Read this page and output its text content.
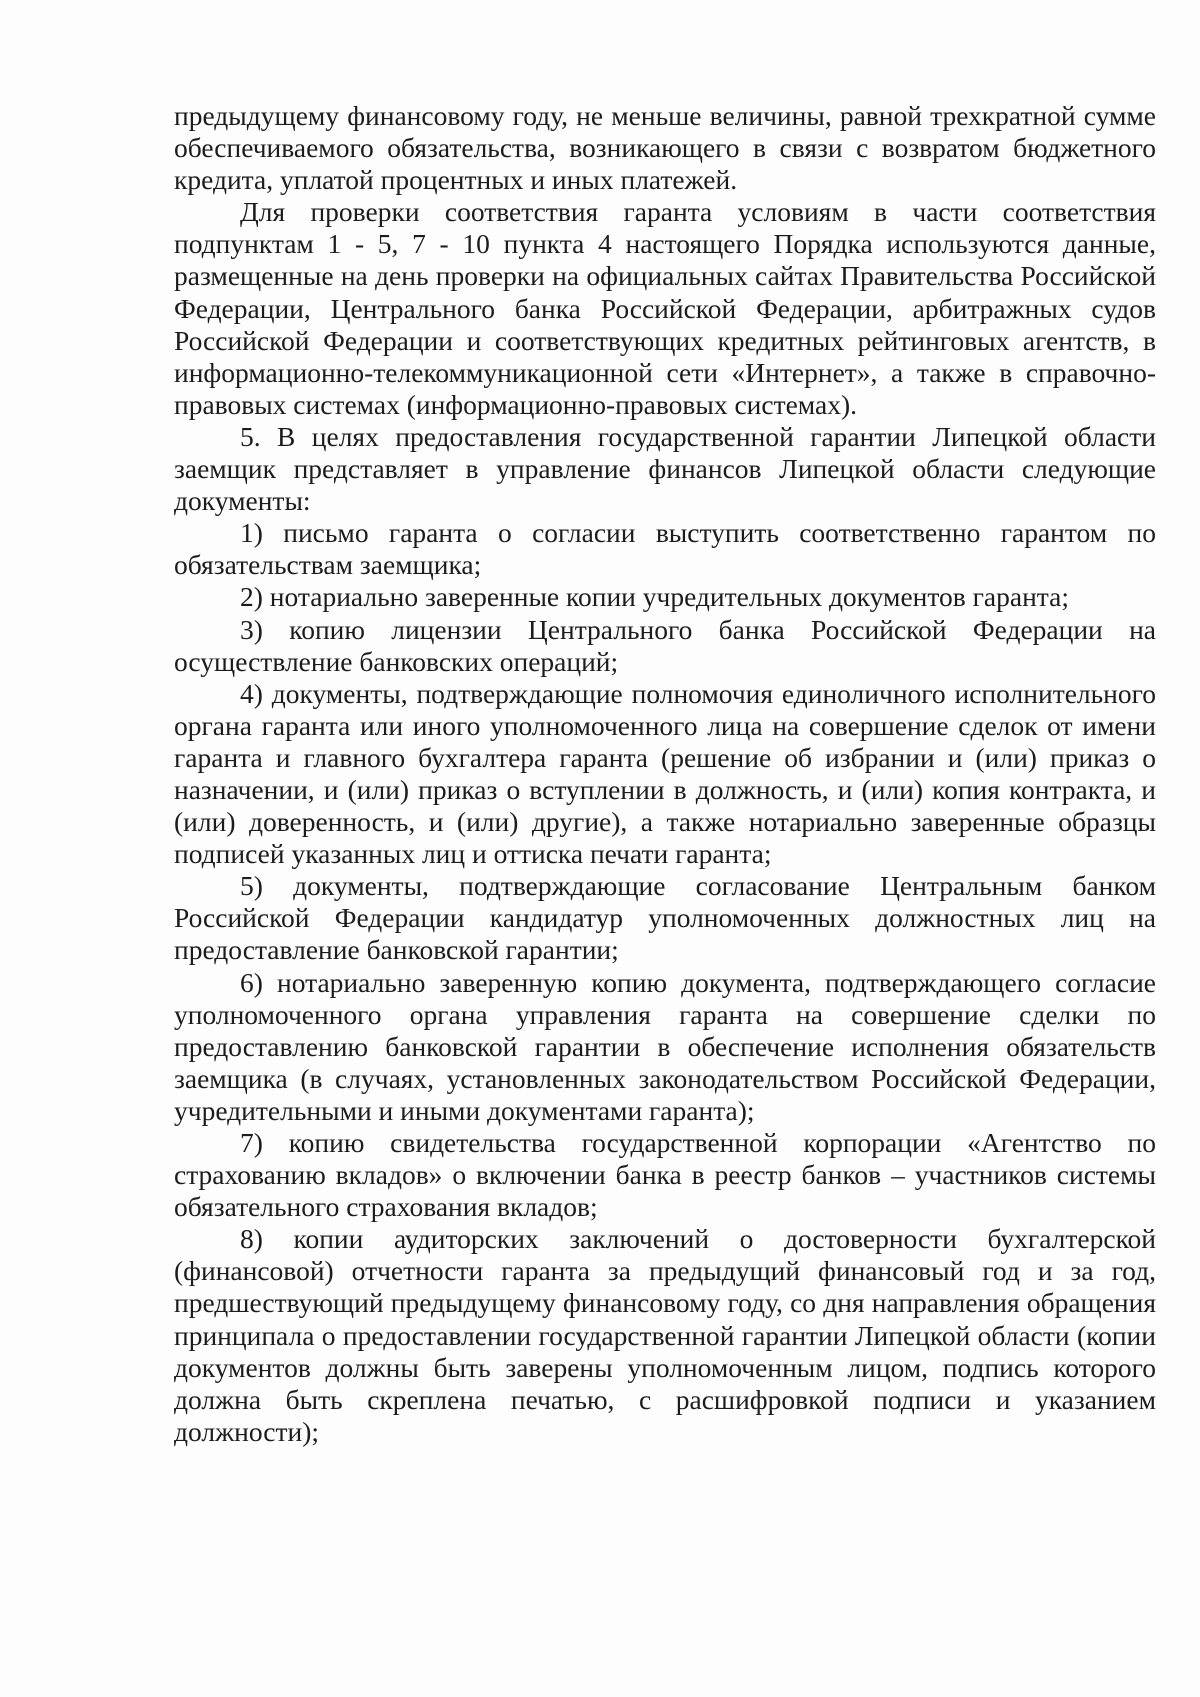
предыдущему финансовому году, не меньше величины, равной трехкратной сумме обеспечиваемого обязательства, возникающего в связи с возвратом бюджетного кредита, уплатой процентных и иных платежей.

Для проверки соответствия гаранта условиям в части соответствия подпунктам 1 - 5, 7 - 10 пункта 4 настоящего Порядка используются данные, размещенные на день проверки на официальных сайтах Правительства Российской Федерации, Центрального банка Российской Федерации, арбитражных судов Российской Федерации и соответствующих кредитных рейтинговых агентств, в информационно-телекоммуникационной сети «Интернет», а также в справочно-правовых системах (информационно-правовых системах).

5. В целях предоставления государственной гарантии Липецкой области заемщик представляет в управление финансов Липецкой области следующие документы:

1) письмо гаранта о согласии выступить соответственно гарантом по обязательствам заемщика;

2) нотариально заверенные копии учредительных документов гаранта;

3) копию лицензии Центрального банка Российской Федерации на осуществление банковских операций;

4) документы, подтверждающие полномочия единоличного исполнительного органа гаранта или иного уполномоченного лица на совершение сделок от имени гаранта и главного бухгалтера гаранта (решение об избрании и (или) приказ о назначении, и (или) приказ о вступлении в должность, и (или) копия контракта, и (или) доверенность, и (или) другие), а также нотариально заверенные образцы подписей указанных лиц и оттиска печати гаранта;

5) документы, подтверждающие согласование Центральным банком Российской Федерации кандидатур уполномоченных должностных лиц на предоставление банковской гарантии;

6) нотариально заверенную копию документа, подтверждающего согласие уполномоченного органа управления гаранта на совершение сделки по предоставлению банковской гарантии в обеспечение исполнения обязательств заемщика (в случаях, установленных законодательством Российской Федерации, учредительными и иными документами гаранта);

7) копию свидетельства государственной корпорации «Агентство по страхованию вкладов» о включении банка в реестр банков – участников системы обязательного страхования вкладов;

8) копии аудиторских заключений о достоверности бухгалтерской (финансовой) отчетности гаранта за предыдущий финансовый год и за год, предшествующий предыдущему финансовому году, со дня направления обращения принципала о предоставлении государственной гарантии Липецкой области (копии документов должны быть заверены уполномоченным лицом, подпись которого должна быть скреплена печатью, с расшифровкой подписи и указанием должности);
